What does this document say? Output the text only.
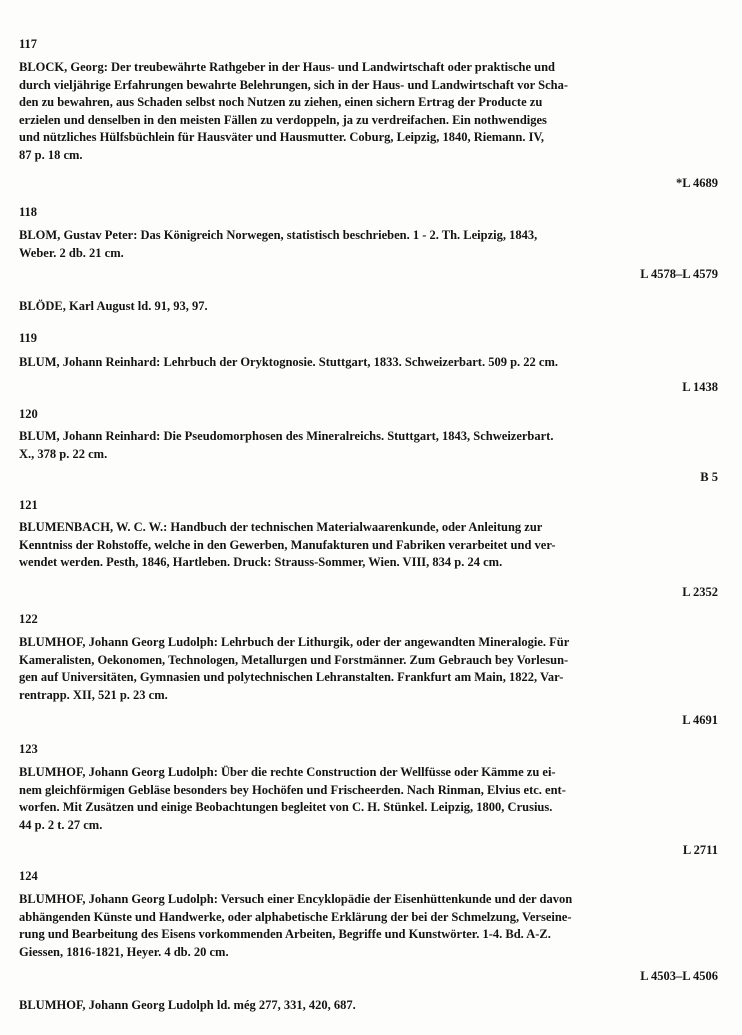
117
BLOCK, Georg: Der treubewährte Rathgeber in der Haus- und Landwirtschaft oder praktische und
durch vieljährige Erfahrungen bewahrte Belehrungen, sich in der Haus- und Landwirtschaft vor Scha-
den zu bewahren, aus Schaden selbst noch Nutzen zu ziehen, einen sichern Ertrag der Producte zu
erzielen und denselben in den meisten Fällen zu verdoppeln, ja zu verdreifachen. Ein nothwendiges
und nützliches Hülfsbüchlein für Hausväter und Hausmutter. Coburg, Leipzig, 1840, Riemann. IV,
87 p. 18 cm.
*L 4689
118
BLOM, Gustav Peter: Das Königreich Norwegen, statistisch beschrieben. 1 - 2. Th. Leipzig, 1843,
Weber. 2 db. 21 cm.
L 4578–L 4579
BLÖDE, Karl August ld. 91, 93, 97.
119
BLUM, Johann Reinhard: Lehrbuch der Oryktognosie. Stuttgart, 1833. Schweizerbart. 509 p. 22 cm.
L 1438
120
BLUM, Johann Reinhard: Die Pseudomorphosen des Mineralreichs. Stuttgart, 1843, Schweizerbart.
X., 378 p. 22 cm.
B 5
121
BLUMENBACH, W. C. W.: Handbuch der technischen Materialwaarenkunde, oder Anleitung zur
Kenntniss der Rohstoffe, welche in den Gewerben, Manufakturen und Fabriken verarbeitet und ver-
wendet werden. Pesth, 1846, Hartleben. Druck: Strauss-Sommer, Wien. VIII, 834 p. 24 cm.
L 2352
122
BLUMHOF, Johann Georg Ludolph: Lehrbuch der Lithurgik, oder der angewandten Mineralogie. Für
Kameralisten, Oekonomen, Technologen, Metallurgen und Forstmänner. Zum Gebrauch bey Vorlesun-
gen auf Universitäten, Gymnasien und polytechnischen Lehranstalten. Frankfurt am Main, 1822, Var-
rentrapp. XII, 521 p. 23 cm.
L 4691
123
BLUMHOF, Johann Georg Ludolph: Über die rechte Construction der Wellfüsse oder Kämme zu ei-
nem gleichförmigen Gebläse besonders bey Hochöfen und Frischeerden. Nach Rinman, Elvius etc. ent-
worfen. Mit Zusätzen und einige Beobachtungen begleitet von C. H. Stünkel. Leipzig, 1800, Crusius.
44 p. 2 t. 27 cm.
L 2711
124
BLUMHOF, Johann Georg Ludolph: Versuch einer Encyklopädie der Eisenhüttenkunde und der davon
abhängenden Künste und Handwerke, oder alphabetische Erklärung der bei der Schmelzung, Verseine-
rung und Bearbeitung des Eisens vorkommenden Arbeiten, Begriffe und Kunstwörter. 1-4. Bd. A-Z.
Giessen, 1816-1821, Heyer. 4 db. 20 cm.
L 4503–L 4506
BLUMHOF, Johann Georg Ludolph ld. még 277, 331, 420, 687.
